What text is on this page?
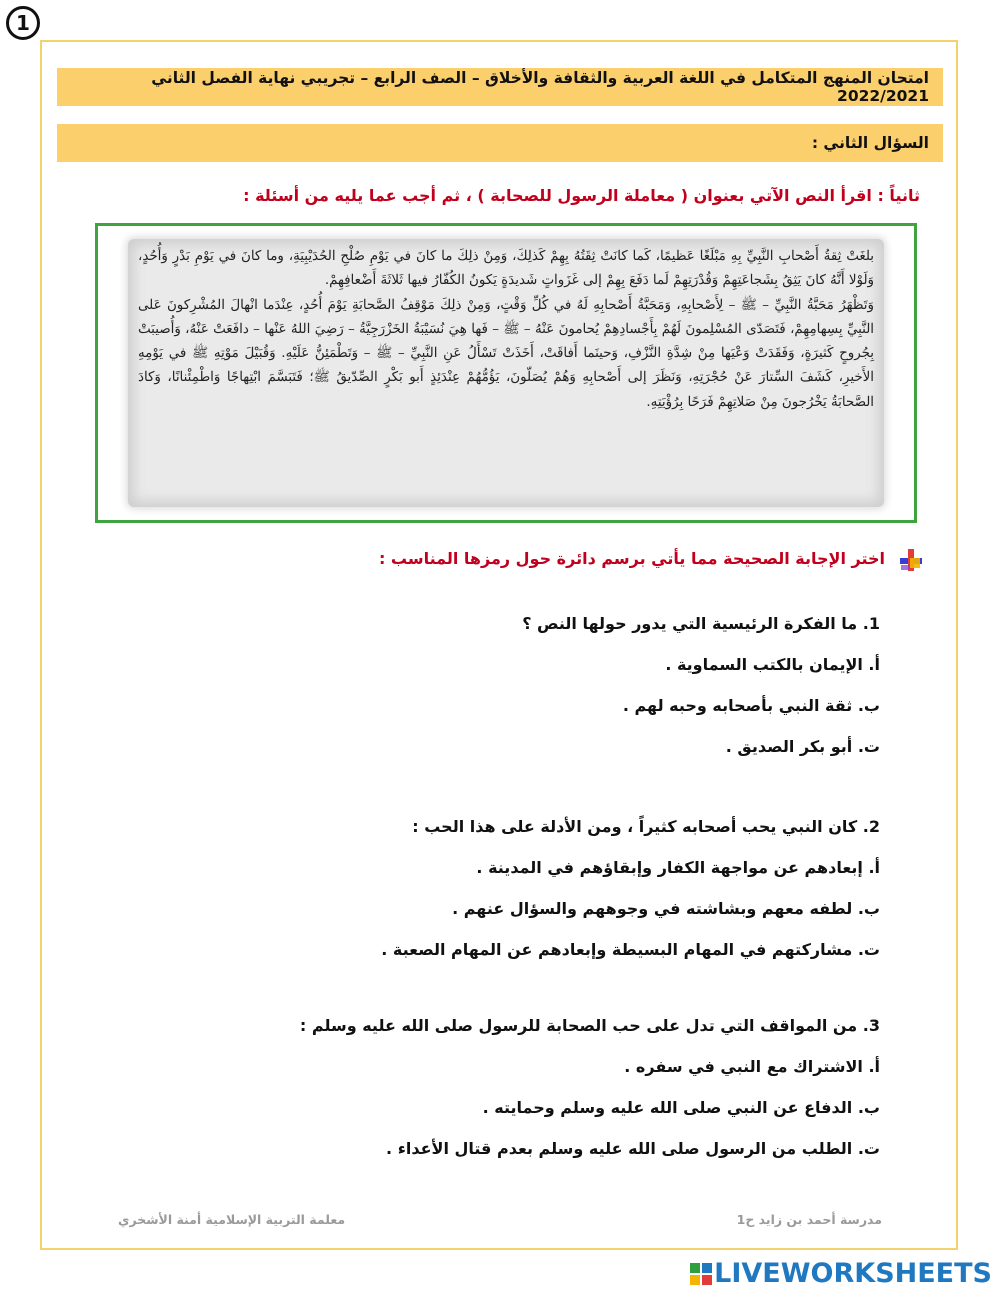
1
امتحان المنهج المتكامل في اللغة العربية والثقافة والأخلاق – الصف الرابع – تجريبي نهاية الفصل الثاني 2022/2021
السؤال الثاني :
ثانياً : اقرأ النص الآتي بعنوان ( معاملة الرسول للصحابة ) ، ثم أجب عما يليه من أسئلة :

بلغَتْ ثِقةُ أَصْحابِ النَّبِيِّ بِهِ مَبْلَغًا عَظيمًا، كَما كانَتْ ثِقَتُهُ بِهِمْ كَذلِكَ، وَمِنْ ذلِكَ ما كانَ في يَوْمِ صُلْحِ الحُدَيْبِيَةِ، وما كانَ في يَوْمِ بَدْرٍ وَأُحُدٍ، وَلَوْلا أَنَّهُ كانَ يَثِقُ بِشَجاعَتِهِمْ وَقُدْرَتِهِمْ لَما دَفَعَ بِهِمْ إلى غَزَواتٍ شَديدَةٍ يَكونُ الكُفّارُ فيها ثَلاثَةَ أَضْعافِهِمْ.

وَتَظْهَرُ مَحَبَّةُ النَّبِيِّ – ﷺ – لِأَصْحابِهِ، وَمَحَبَّةُ أَصْحابِهِ لَهُ في كُلِّ وَقْتٍ، وَمِنْ ذلِكَ مَوْقِفُ الصَّحابَةِ يَوْمَ أُحُدٍ، عِنْدَما انْهالَ المُشْرِكونَ عَلى النَّبِيِّ بِسِهامِهِمْ، فَتَصَدّى المُسْلِمونَ لَهُمْ بِأَجْسادِهِمْ يُحامونَ عَنْهُ – ﷺ – فَها هِيَ نُسَيْبَةُ الخَزْرَجِيَّةُ – رَضِيَ اللهُ عَنْها – دافَعَتْ عَنْهُ، وَأُصيبَتْ بِجُروحٍ كَثيرَةٍ، وَفَقَدَتْ وَعْيَها مِنْ شِدَّةِ النَّزْفِ، وَحينَما أَفاقَتْ، أَخَذَتْ تَسْأَلُ عَنِ النَّبِيِّ – ﷺ – وَتَطْمَئِنُّ عَلَيْهِ. وَقُبَيْلَ مَوْتِهِ ﷺ في يَوْمِهِ الأَخيرِ، كَشَفَ السِّتارَ عَنْ حُجْرَتِهِ، وَنَظَرَ إلى أَصْحابِهِ وَهُمْ يُصَلّونَ، يَؤُمُّهُمْ عِنْدَئِذٍ أَبو بَكْرٍ الصِّدّيقُ ﷺ؛ فَتَبَسَّمَ ابْتِهاجًا وَاطْمِئْنانًا، وَكادَ الصَّحابَةُ يَخْرُجونَ مِنْ صَلاتِهِمْ فَرَحًا بِرُؤْيَتِهِ.

اختر الإجابة الصحيحة مما يأتي برسم دائرة حول رمزها المناسب :
1. ما الفكرة الرئيسية التي يدور حولها النص ؟
أ. الإيمان بالكتب السماوية .
ب. ثقة النبي بأصحابه وحبه لهم .
ت. أبو بكر الصديق .
2. كان النبي يحب أصحابه كثيراً ، ومن الأدلة على هذا الحب :
أ. إبعادهم عن مواجهة الكفار وإبقاؤهم في المدينة .
ب. لطفه معهم وبشاشته في وجوههم والسؤال عنهم .
ت. مشاركتهم في المهام البسيطة وإبعادهم عن المهام الصعبة .
3. من المواقف التي تدل على حب الصحابة للرسول صلى الله عليه وسلم :
أ. الاشتراك مع النبي في سفره .
ب. الدفاع عن النبي صلى الله عليه وسلم وحمايته .
ت. الطلب من الرسول صلى الله عليه وسلم بعدم قتال الأعداء .
مدرسة أحمد بن زايد ح1
معلمة التربية الإسلامية أمنة الأشخري
LIVEWORKSHEETS
